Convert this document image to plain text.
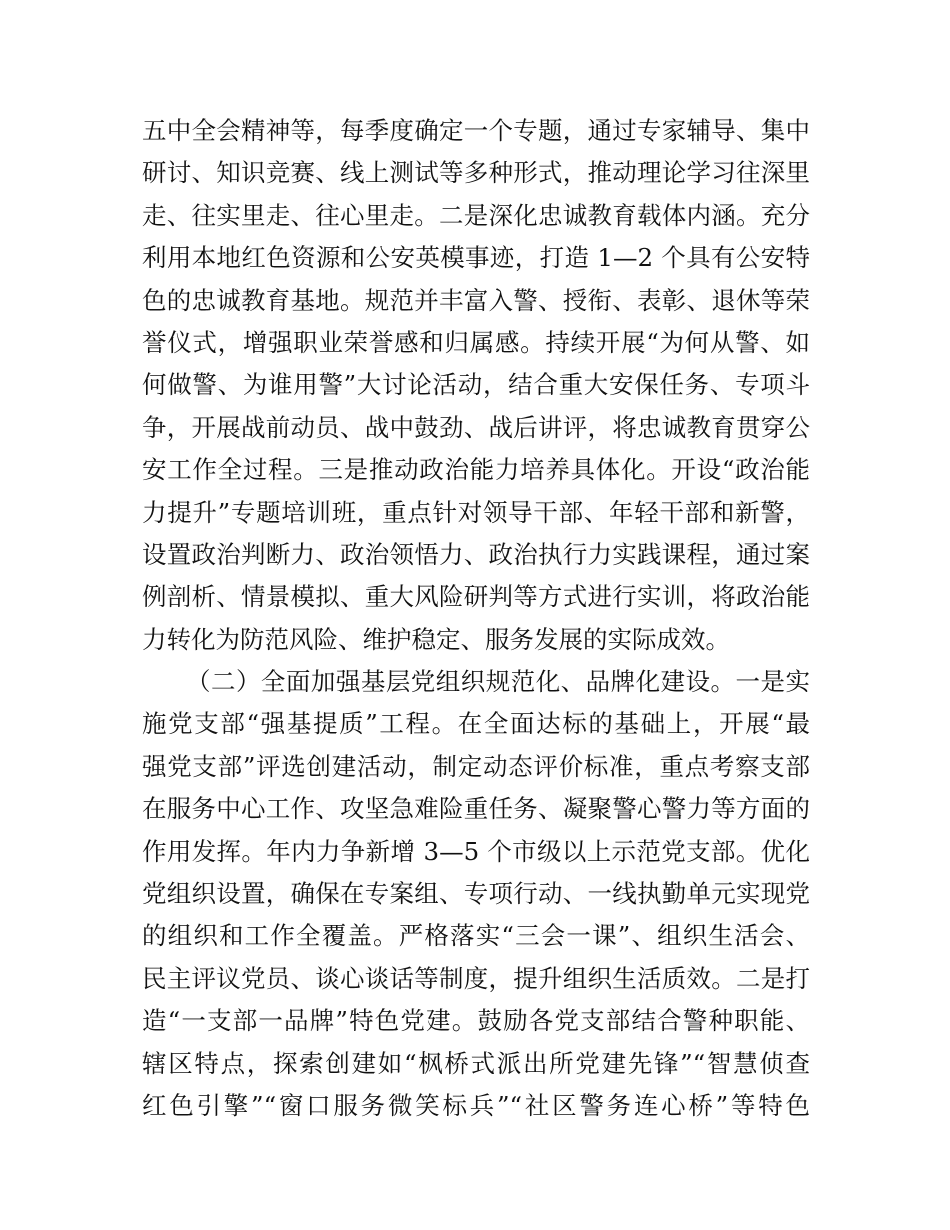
五中全会精神等，每季度确定一个专题，通过专家辅导、集中
研讨、知识竞赛、线上测试等多种形式，推动理论学习往深里
走、往实里走、往心里走。二是深化忠诚教育载体内涵。充分
利用本地红色资源和公安英模事迹，打造 1—2 个具有公安特
色的忠诚教育基地。规范并丰富入警、授衔、表彰、退休等荣
誉仪式，增强职业荣誉感和归属感。持续开展“为何从警、如
何做警、为谁用警”大讨论活动，结合重大安保任务、专项斗
争，开展战前动员、战中鼓劲、战后讲评，将忠诚教育贯穿公
安工作全过程。三是推动政治能力培养具体化。开设“政治能
力提升”专题培训班，重点针对领导干部、年轻干部和新警，
设置政治判断力、政治领悟力、政治执行力实践课程，通过案
例剖析、情景模拟、重大风险研判等方式进行实训，将政治能
力转化为防范风险、维护稳定、服务发展的实际成效。
（二）全面加强基层党组织规范化、品牌化建设。一是实
施党支部“强基提质”工程。在全面达标的基础上，开展“最
强党支部”评选创建活动，制定动态评价标准，重点考察支部
在服务中心工作、攻坚急难险重任务、凝聚警心警力等方面的
作用发挥。年内力争新增 3—5 个市级以上示范党支部。优化
党组织设置，确保在专案组、专项行动、一线执勤单元实现党
的组织和工作全覆盖。严格落实“三会一课”、组织生活会、
民主评议党员、谈心谈话等制度，提升组织生活质效。二是打
造“一支部一品牌”特色党建。鼓励各党支部结合警种职能、
辖区特点，探索创建如“枫桥式派出所党建先锋”“智慧侦查
红色引擎”“窗口服务微笑标兵”“社区警务连心桥”等特色
